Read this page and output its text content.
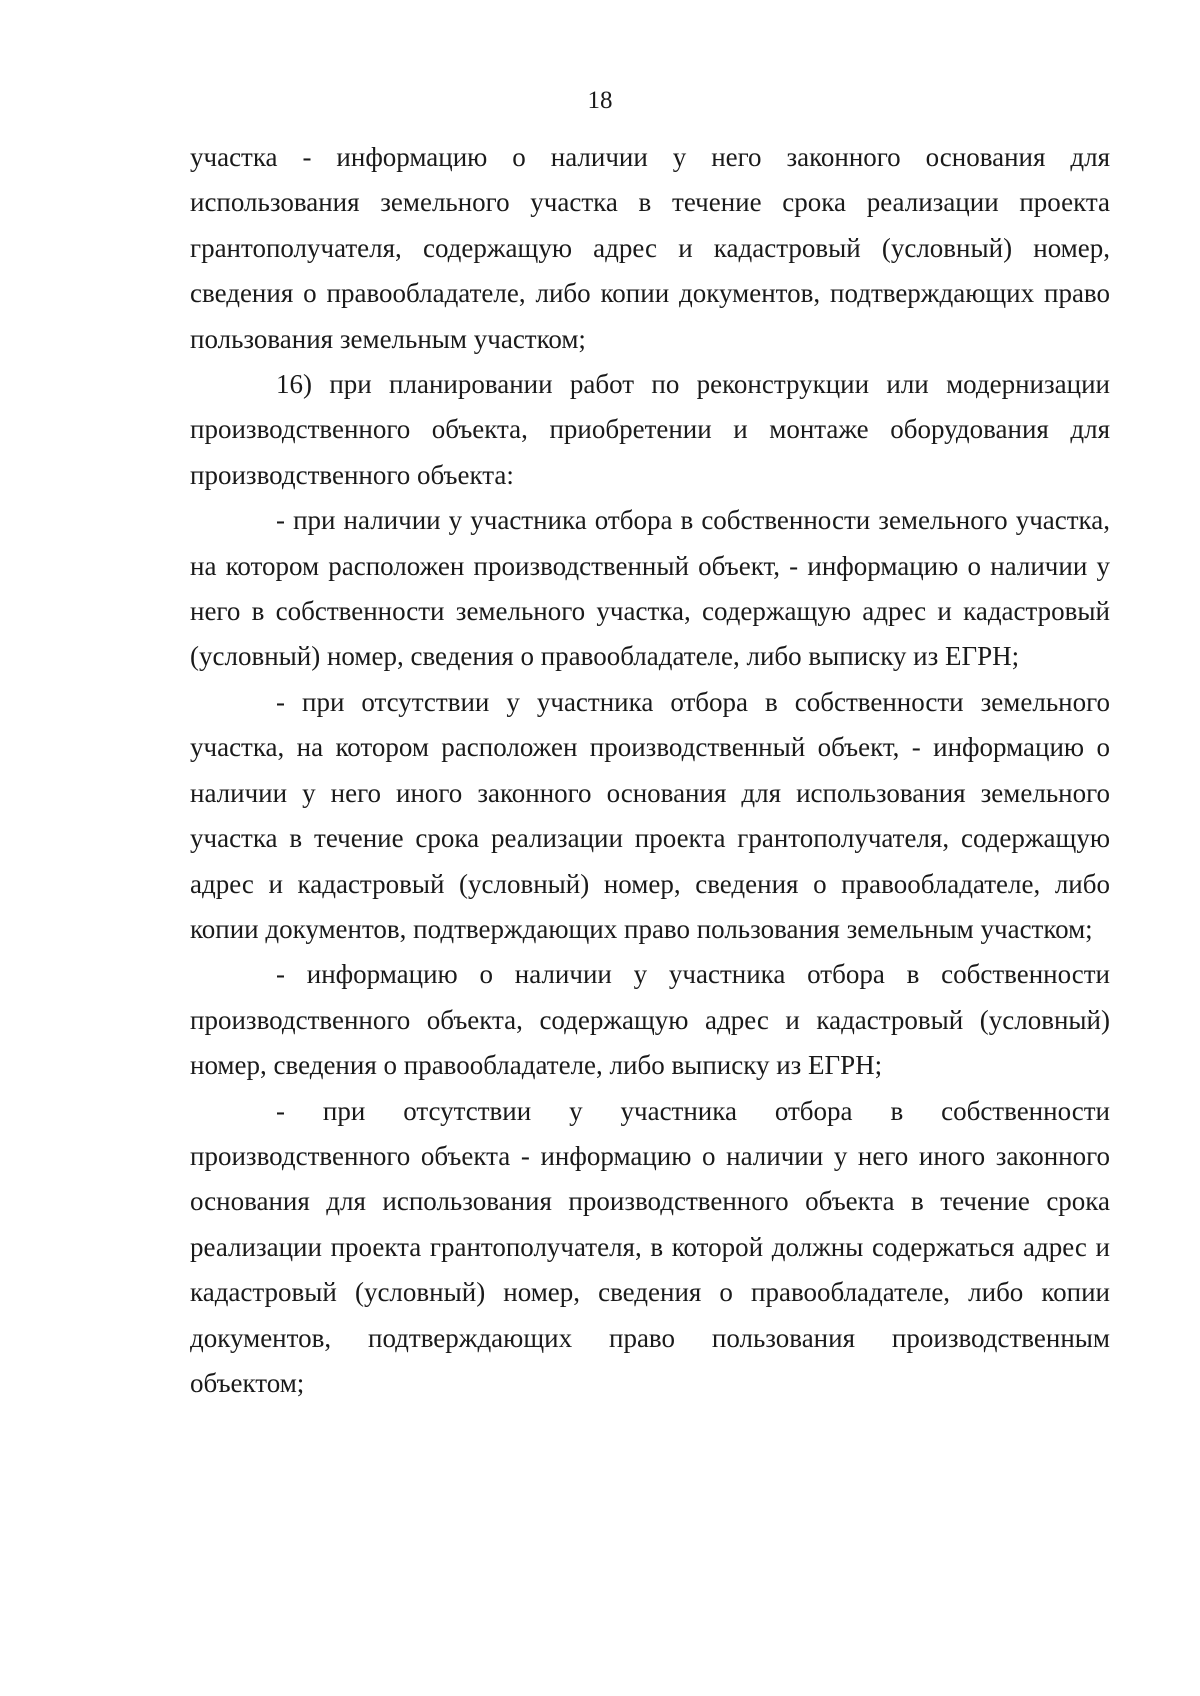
18

участка - информацию о наличии у него законного основания для использования земельного участка в течение срока реализации проекта грантополучателя, содержащую адрес и кадастровый (условный) номер, сведения о правообладателе, либо копии документов, подтверждающих право пользования земельным участком;

16) при планировании работ по реконструкции или модернизации производственного объекта, приобретении и монтаже оборудования для производственного объекта:

- при наличии у участника отбора в собственности земельного участка, на котором расположен производственный объект, - информацию о наличии у него в собственности земельного участка, содержащую адрес и кадастровый (условный) номер, сведения о правообладателе, либо выписку из ЕГРН;

- при отсутствии у участника отбора в собственности земельного участка, на котором расположен производственный объект, - информацию о наличии у него иного законного основания для использования земельного участка в течение срока реализации проекта грантополучателя, содержащую адрес и кадастровый (условный) номер, сведения о правообладателе, либо копии документов, подтверждающих право пользования земельным участком;

- информацию о наличии у участника отбора в собственности производственного объекта, содержащую адрес и кадастровый (условный) номер, сведения о правообладателе, либо выписку из ЕГРН;

- при отсутствии у участника отбора в собственности производственного объекта - информацию о наличии у него иного законного основания для использования производственного объекта в течение срока реализации проекта грантополучателя, в которой должны содержаться адрес и кадастровый (условный) номер, сведения о правообладателе, либо копии документов, подтверждающих право пользования производственным объектом;
